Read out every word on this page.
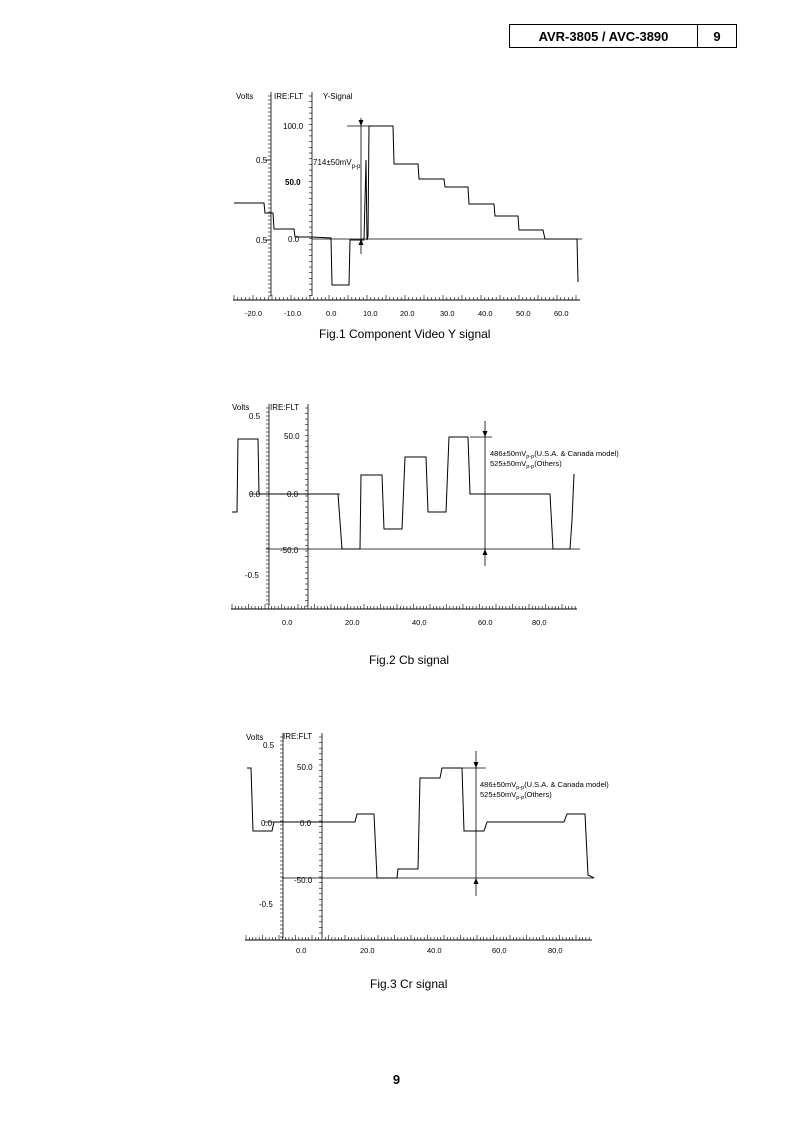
AVR-3805 / AVC-3890	9
Volts	IRE:FLT Y-Signal
0.5
0.5
100.0
50.0
0.0
-20.0	-10.0	0.0	10.0	20.0	30.0	40.0	50.0	60.0
$714\pm 50mV_{p-p}$
Fig.1 Component Video Y signal
Volts	IRE:FLT
0.5
0.0
-0.5
50.0
0.0
-50.0
0.0	20.0	40.0	60.0	80.0
$486\pm 50mV_{p-p}(U.S.A$. & Canada model)
$525\pm 50mV_{p-p}(Others)$
Fig.2 Cb signal
Volts IRE:FLT
0.5
0.0
-0.5
50.0
0.0
-50.0
0.0	20.0	40.0	60.0	80.0
$486\pm 50mV_{p-p}(U.S.A$. & Canada model)
$525\pm 50mV_{p-p}(Others)$
Fig.3 Cr signal
9
